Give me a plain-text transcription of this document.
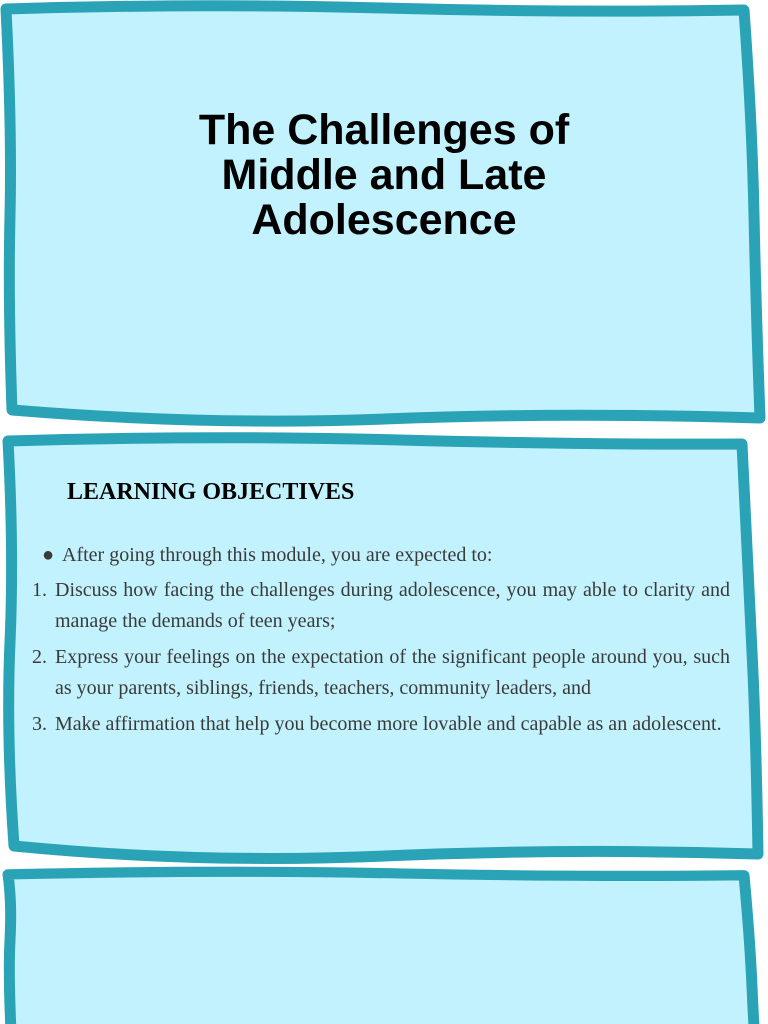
The Challenges of Middle and Late Adolescence
LEARNING OBJECTIVES
● After going through this module, you are expected to:
1. Discuss how facing the challenges during adolescence, you may able to clarity and manage the demands of teen years;
2. Express your feelings on the expectation of the significant people around you, such as your parents, siblings, friends, teachers, community leaders, and
3. Make affirmation that help you become more lovable and capable as an adolescent.
